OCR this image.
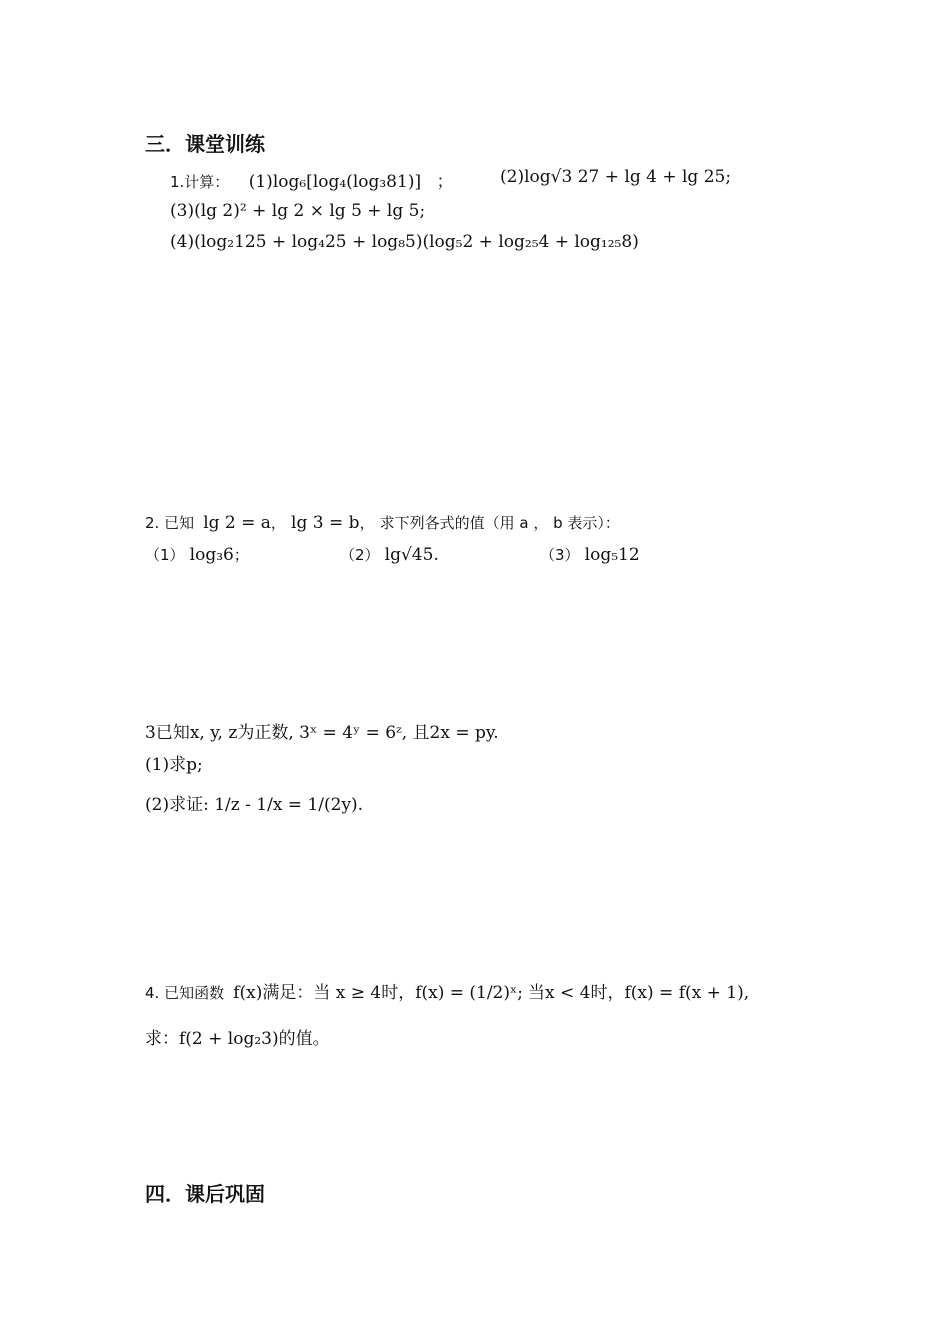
三．课堂训练
1.计算： (1)log₆[log₄(log₃81)] ；	(2)log√3 27 + lg 4 + lg 25;
(3)(lg 2)² + lg 2 × lg 5 + lg 5;
(4)(log₂125 + log₄25 + log₈5)(log₅2 + log₂₅4 + log₁₂₅8)
2. 已知 lg 2 = a， lg 3 = b， 求下列各式的值（用 a ， b 表示）：
（1） log₃6；	（2） lg√45.	（3） log₅12
3已知x, y, z为正数, 3ˣ = 4ʸ = 6ᶻ, 且2x = py.
(1)求p;
(2)求证: 1/z - 1/x = 1/(2y).
4. 已知函数 f(x)满足：当 x ≥ 4时，f(x) = (1/2)ˣ; 当x < 4时，f(x) = f(x + 1),
求：f(2 + log₂3)的值。
四．课后巩固
